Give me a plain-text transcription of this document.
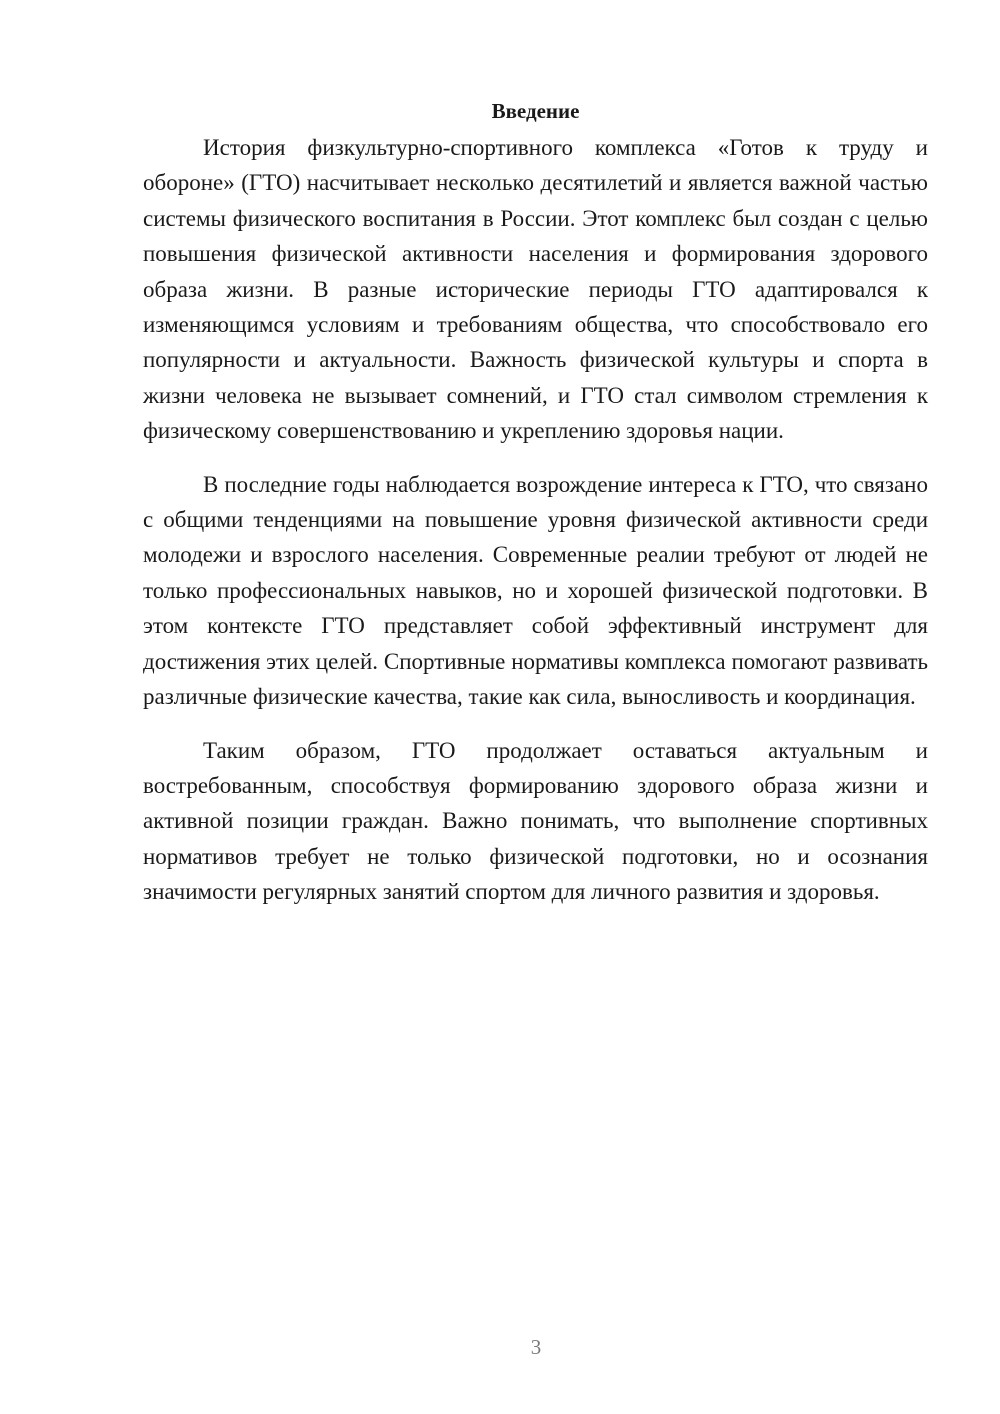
Введение

История физкультурно-спортивного комплекса «Готов к труду и обороне» (ГТО) насчитывает несколько десятилетий и является важной частью системы физического воспитания в России. Этот комплекс был создан с целью повышения физической активности населения и формирования здорового образа жизни. В разные исторические периоды ГТО адаптировался к изменяющимся условиям и требованиям общества, что способствовало его популярности и актуальности. Важность физической культуры и спорта в жизни человека не вызывает сомнений, и ГТО стал символом стремления к физическому совершенствованию и укреплению здоровья нации.

В последние годы наблюдается возрождение интереса к ГТО, что связано с общими тенденциями на повышение уровня физической активности среди молодежи и взрослого населения. Современные реалии требуют от людей не только профессиональных навыков, но и хорошей физической подготовки. В этом контексте ГТО представляет собой эффективный инструмент для достижения этих целей. Спортивные нормативы комплекса помогают развивать различные физические качества, такие как сила, выносливость и координация.

Таким образом, ГТО продолжает оставаться актуальным и востребованным, способствуя формированию здорового образа жизни и активной позиции граждан. Важно понимать, что выполнение спортивных нормативов требует не только физической подготовки, но и осознания значимости регулярных занятий спортом для личного развития и здоровья.

3
